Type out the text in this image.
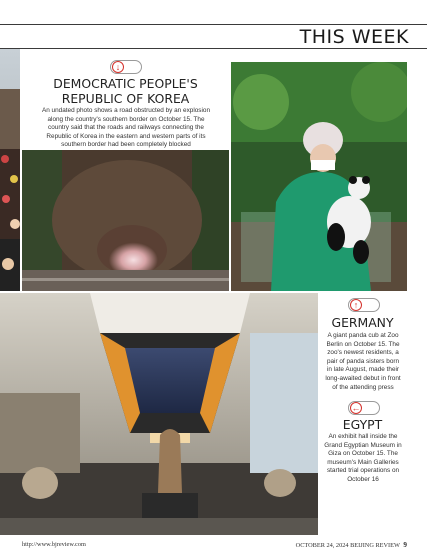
THIS WEEK
↓
DEMOCRATIC PEOPLE'S
REPUBLIC OF KOREA
An undated photo shows a road obstructed by an explosion along the country's southern border on October 15. The country said that the roads and railways connecting the Republic of Korea in the eastern and western parts of its southern border had been completely blocked
↑
GERMANY
A giant panda cub at Zoo Berlin on October 15. The zoo's newest residents, a pair of panda sisters born in late August, made their long-awaited debut in front of the attending press
←
EGYPT
An exhibit hall inside the Grand Egyptian Museum in Giza on October 15. The museum's Main Galleries started trial operations on October 16
http://www.bjreview.com	OCTOBER 24, 2024 BEIJING REVIEW 9
